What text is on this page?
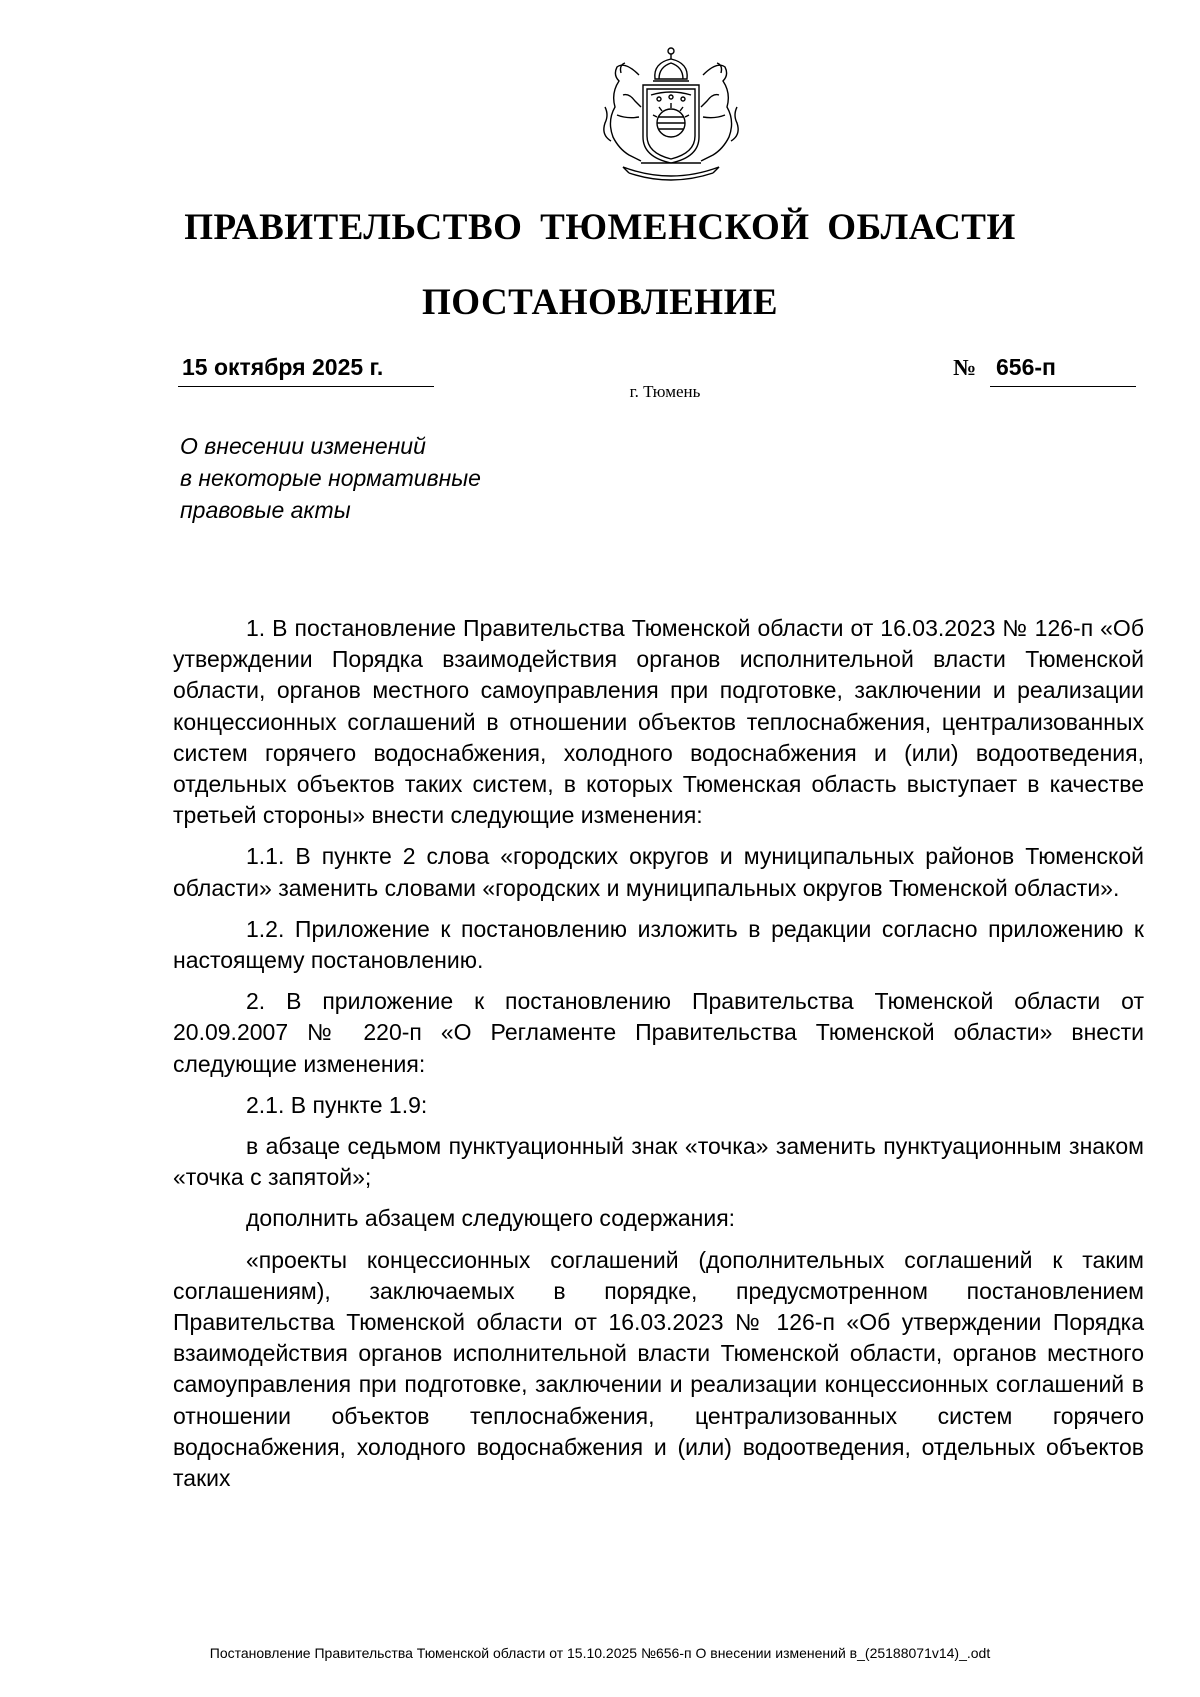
ПРАВИТЕЛЬСТВО ТЮМЕНСКОЙ ОБЛАСТИ
ПОСТАНОВЛЕНИЕ
15 октября 2025 г.	№ 656-п
г. Тюмень
О внесении изменений
в некоторые нормативные
правовые акты

1. В постановление Правительства Тюменской области от 16.03.2023 № 126-п «Об утверждении Порядка взаимодействия органов исполнительной власти Тюменской области, органов местного самоуправления при подготовке, заключении и реализации концессионных соглашений в отношении объектов теплоснабжения, централизованных систем горячего водоснабжения, холодного водоснабжения и (или) водоотведения, отдельных объектов таких систем, в которых Тюменская область выступает в качестве третьей стороны» внести следующие изменения:

1.1. В пункте 2 слова «городских округов и муниципальных районов Тюменской области» заменить словами «городских и муниципальных округов Тюменской области».

1.2. Приложение к постановлению изложить в редакции согласно приложению к настоящему постановлению.

2. В приложение к постановлению Правительства Тюменской области от 20.09.2007 № 220-п «О Регламенте Правительства Тюменской области» внести следующие изменения:

2.1. В пункте 1.9:

в абзаце седьмом пунктуационный знак «точка» заменить пунктуационным знаком «точка с запятой»;

дополнить абзацем следующего содержания:

«проекты концессионных соглашений (дополнительных соглашений к таким соглашениям), заключаемых в порядке, предусмотренном постановлением Правительства Тюменской области от 16.03.2023 № 126-п «Об утверждении Порядка взаимодействия органов исполнительной власти Тюменской области, органов местного самоуправления при подготовке, заключении и реализации концессионных соглашений в отношении объектов теплоснабжения, централизованных систем горячего водоснабжения, холодного водоснабжения и (или) водоотведения, отдельных объектов таких

Постановление Правительства Тюменской области от 15.10.2025 №656-п О внесении изменений в_(25188071v14)_.odt
